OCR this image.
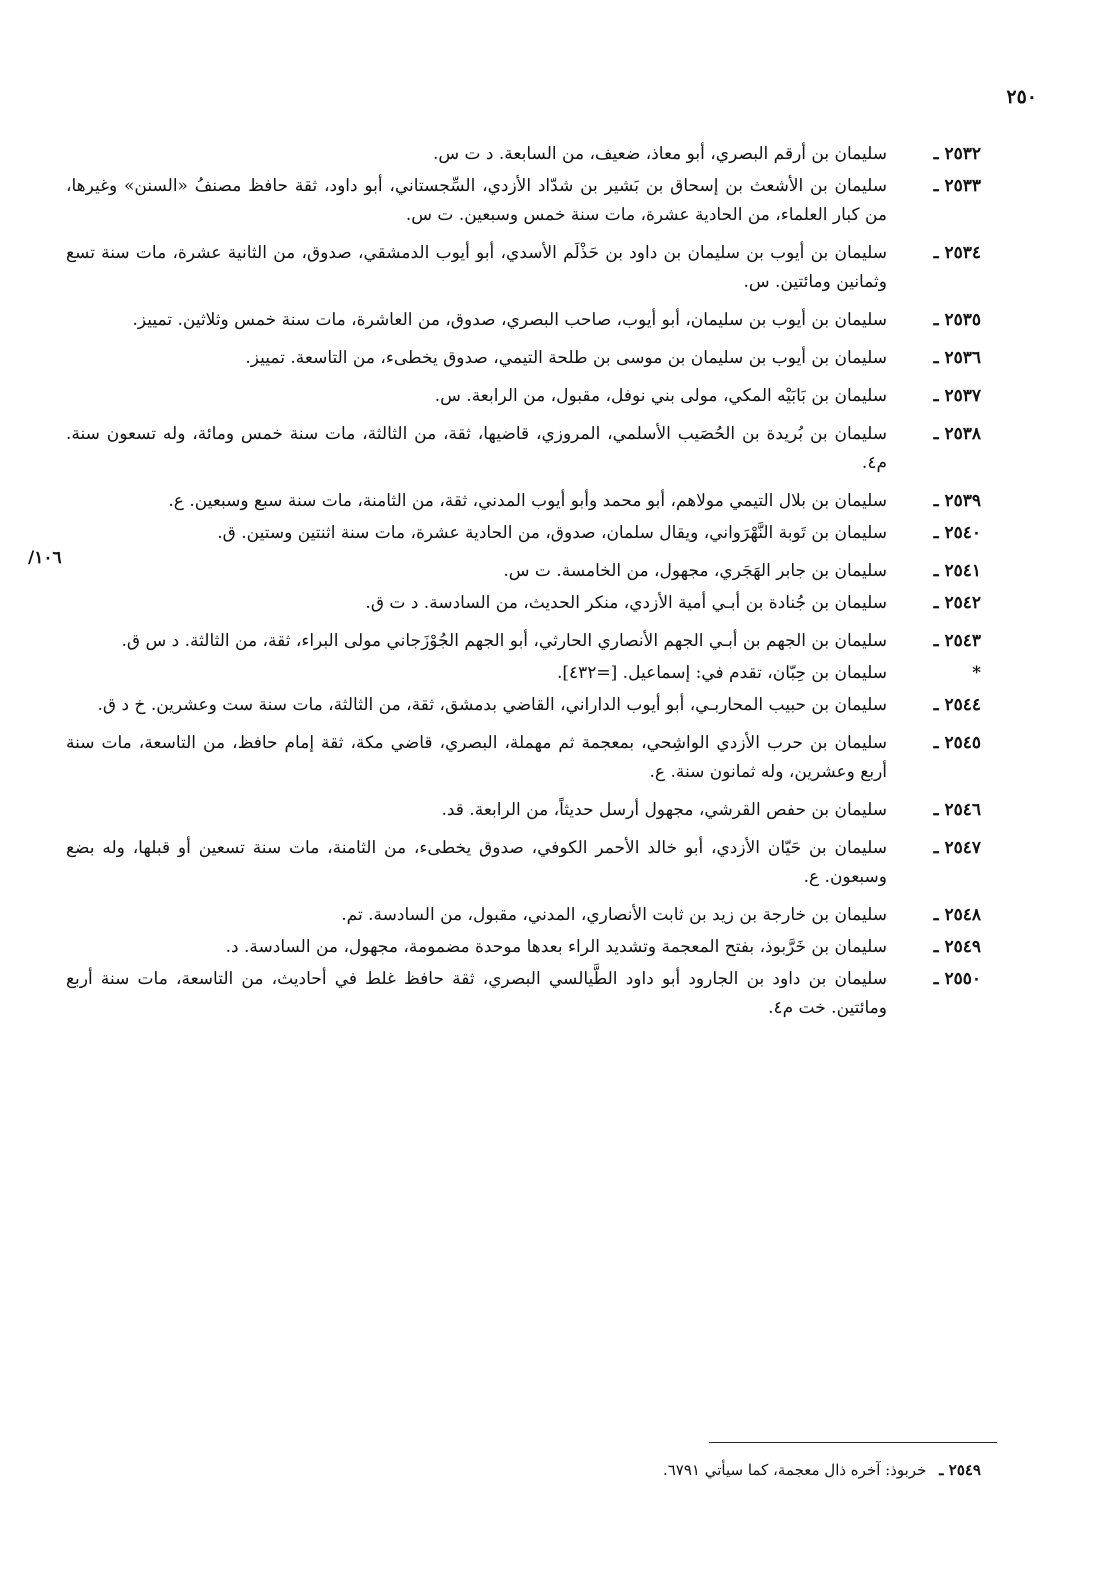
٢٥٠
١٠٦/
٢٥٣٢ ـ
سليمان بن أرقم البصري، أبو معاذ، ضعيف، من السابعة. د ت س.
٢٥٣٣ ـ
سليمان بن الأشعث بن إسحاق بن بَشير بن شدّاد الأزدي، السِّجستاني، أبو داود، ثقة حافظ مصنفُ «السنن» وغيرها، من كبار العلماء، من الحادية عشرة، مات سنة خمس وسبعين. ت س.
٢٥٣٤ ـ
سليمان بن أيوب بن سليمان بن داود بن حَذْلَم الأسدي، أبو أيوب الدمشقي، صدوق، من الثانية عشرة، مات سنة تسع وثمانين ومائتين. س.
٢٥٣٥ ـ
سليمان بن أيوب بن سليمان، أبو أيوب، صاحب البصري، صدوق، من العاشرة، مات سنة خمس وثلاثين. تمييز.
٢٥٣٦ ـ
سليمان بن أيوب بن سليمان بن موسى بن طلحة التيمي، صدوق يخطىء، من التاسعة. تمييز.
٢٥٣٧ ـ
سليمان بن بَابَيْه المكي، مولى بني نوفل، مقبول، من الرابعة. س.
٢٥٣٨ ـ
سليمان بن بُريدة بن الحُصَيب الأسلمي، المروزي، قاضيها، ثقة، من الثالثة، مات سنة خمس ومائة، وله تسعون سنة. م٤.
٢٥٣٩ ـ
سليمان بن بلال التيمي مولاهم، أبو محمد وأبو أيوب المدني، ثقة، من الثامنة، مات سنة سبع وسبعين. ع.
٢٥٤٠ ـ
سليمان بن تَوبة النَّهْرَواني، ويقال سلمان، صدوق، من الحادية عشرة، مات سنة اثنتين وستين. ق.
٢٥٤١ ـ
سليمان بن جابر الهَجَري، مجهول، من الخامسة. ت س.
٢٥٤٢ ـ
سليمان بن جُنادة بن أبـي أمية الأزدي، منكر الحديث، من السادسة. د ت ق.
٢٥٤٣ ـ
سليمان بن الجهم بن أبـي الجهم الأنصاري الحارثي، أبو الجهم الجُوْزَجاني مولى البراء، ثقة، من الثالثة. د س ق.
*
سليمان بن حِبّان، تقدم في: إسماعيل. [=٤٣٢].
٢٥٤٤ ـ
سليمان بن حبيب المحاربـي، أبو أيوب الداراني، القاضي بدمشق، ثقة، من الثالثة، مات سنة ست وعشرين. خ د ق.
٢٥٤٥ ـ
سليمان بن حرب الأزدي الواشِحي، بمعجمة ثم مهملة، البصري، قاضي مكة، ثقة إمام حافظ، من التاسعة، مات سنة أربع وعشرين، وله ثمانون سنة. ع.
٢٥٤٦ ـ
سليمان بن حفص القرشي، مجهول أرسل حديثاً، من الرابعة. قد.
٢٥٤٧ ـ
سليمان بن حَيّان الأزدي، أبو خالد الأحمر الكوفي، صدوق يخطىء، من الثامنة، مات سنة تسعين أو قبلها، وله بضع وسبعون. ع.
٢٥٤٨ ـ
سليمان بن خارجة بن زيد بن ثابت الأنصاري، المدني، مقبول، من السادسة. تم.
٢٥٤٩ ـ
سليمان بن خَرَّبوذ، بفتح المعجمة وتشديد الراء بعدها موحدة مضمومة، مجهول، من السادسة. د.
٢٥٥٠ ـ
سليمان بن داود بن الجارود أبو داود الطَّيالسي البصري، ثقة حافظ غلط في أحاديث، من التاسعة، مات سنة أربع ومائتين. خت م٤.
٢٥٤٩ ـ خربوذ: آخره ذال معجمة، كما سيأتي ٦٧٩١.
